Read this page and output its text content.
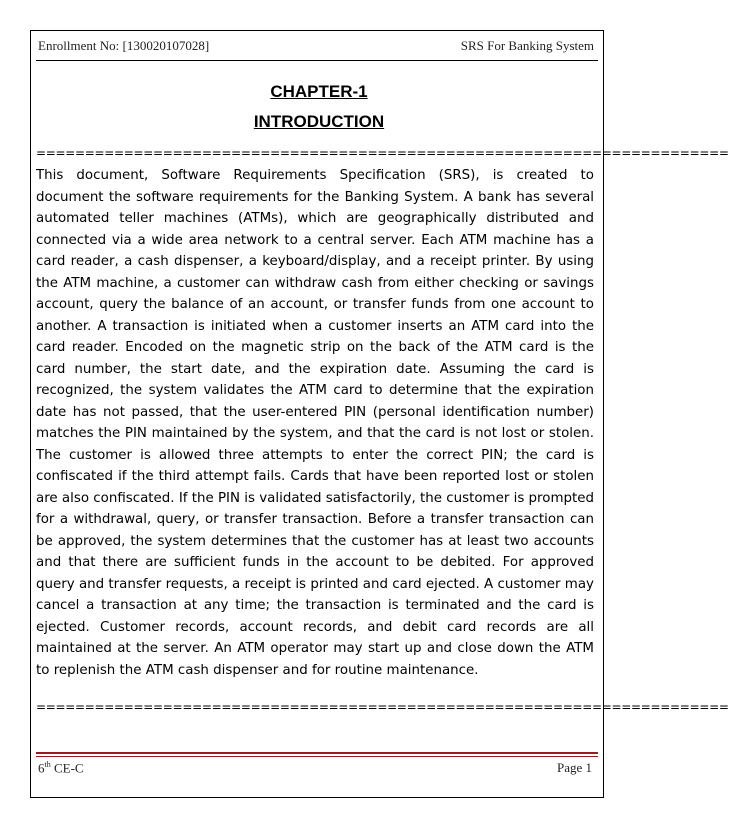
Enrollment No: [130020107028]	SRS For Banking System
CHAPTER-1
INTRODUCTION
=======================================================================
This document, Software Requirements Specification (SRS), is created to document the software requirements for the Banking System. A bank has several automated teller machines (ATMs), which are geographically distributed and connected via a wide area network to a central server. Each ATM machine has a card reader, a cash dispenser, a keyboard/display, and a receipt printer. By using the ATM machine, a customer can withdraw cash from either checking or savings account, query the balance of an account, or transfer funds from one account to another. A transaction is initiated when a customer inserts an ATM card into the card reader. Encoded on the magnetic strip on the back of the ATM card is the card number, the start date, and the expiration date. Assuming the card is recognized, the system validates the ATM card to determine that the expiration date has not passed, that the user-entered PIN (personal identification number) matches the PIN maintained by the system, and that the card is not lost or stolen. The customer is allowed three attempts to enter the correct PIN; the card is confiscated if the third attempt fails. Cards that have been reported lost or stolen are also confiscated. If the PIN is validated satisfactorily, the customer is prompted for a withdrawal, query, or transfer transaction. Before a transfer transaction can be approved, the system determines that the customer has at least two accounts and that there are sufficient funds in the account to be debited. For approved query and transfer requests, a receipt is printed and card ejected. A customer may cancel a transaction at any time; the transaction is terminated and the card is ejected. Customer records, account records, and debit card records are all maintained at the server. An ATM operator may start up and close down the ATM to replenish the ATM cash dispenser and for routine maintenance.
=======================================================================
6th CE-C	Page 1
